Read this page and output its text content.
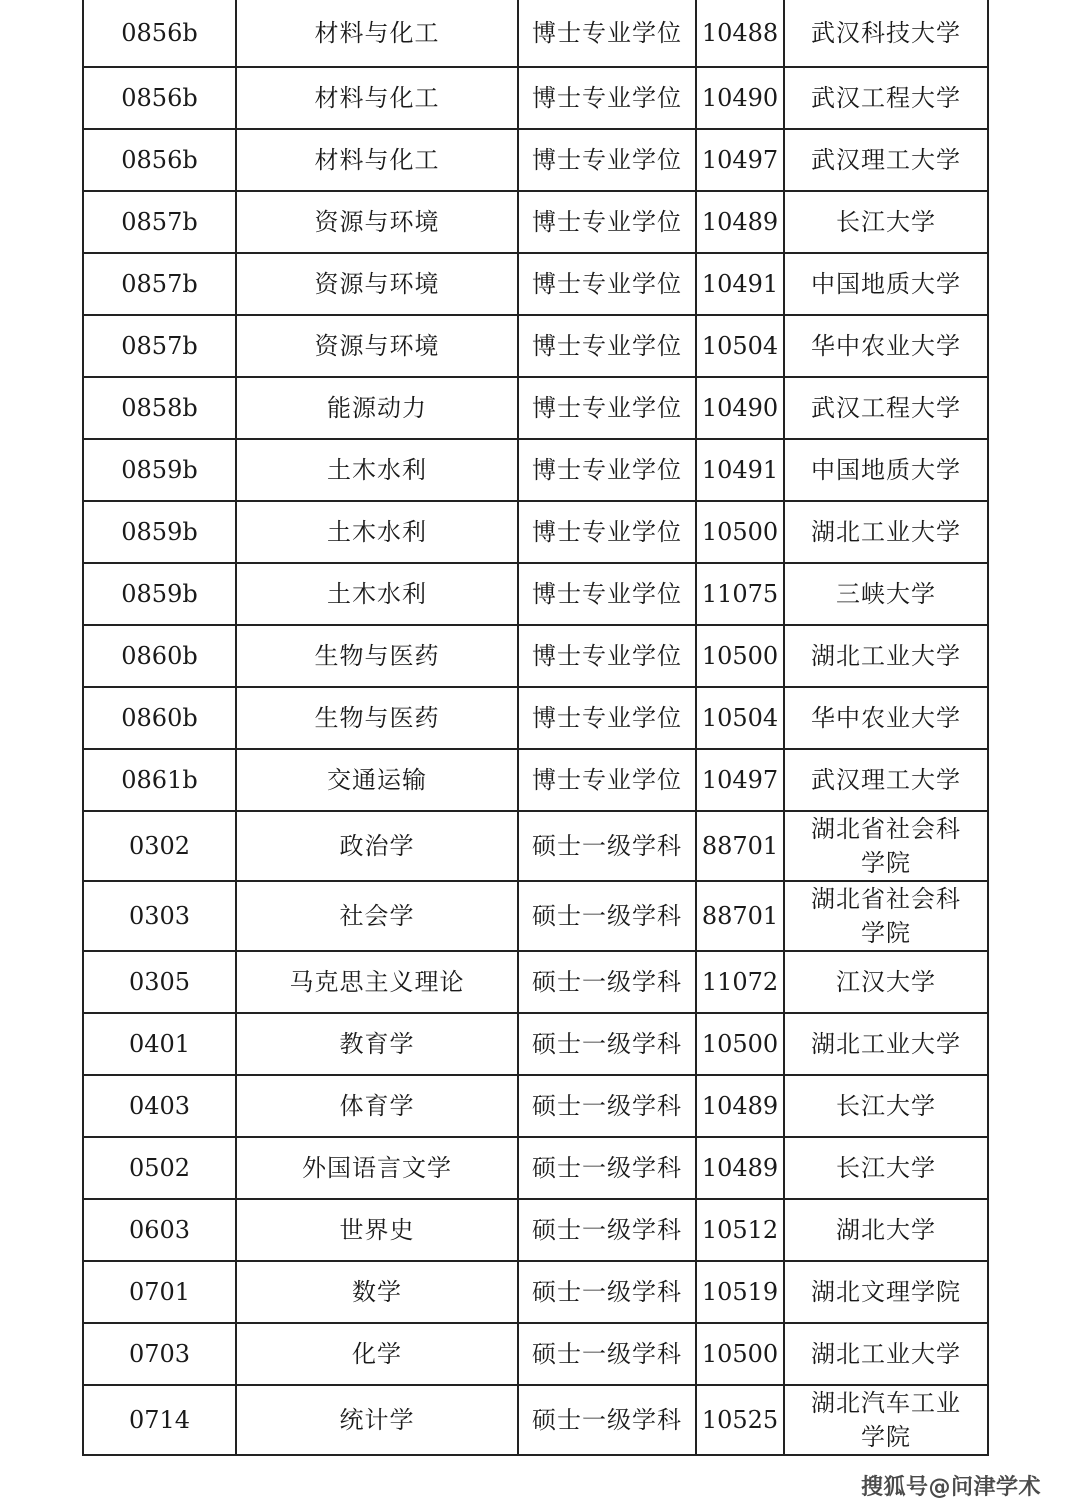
0856b	材料与化工	博士专业学位	10488	武汉科技大学
0856b	材料与化工	博士专业学位	10490	武汉工程大学
0856b	材料与化工	博士专业学位	10497	武汉理工大学
0857b	资源与环境	博士专业学位	10489	长江大学
0857b	资源与环境	博士专业学位	10491	中国地质大学
0857b	资源与环境	博士专业学位	10504	华中农业大学
0858b	能源动力	博士专业学位	10490	武汉工程大学
0859b	土木水利	博士专业学位	10491	中国地质大学
0859b	土木水利	博士专业学位	10500	湖北工业大学
0859b	土木水利	博士专业学位	11075	三峡大学
0860b	生物与医药	博士专业学位	10500	湖北工业大学
0860b	生物与医药	博士专业学位	10504	华中农业大学
0861b	交通运输	博士专业学位	10497	武汉理工大学
0302	政治学	硕士一级学科	88701	湖北省社会科学院
0303	社会学	硕士一级学科	88701	湖北省社会科学院
0305	马克思主义理论	硕士一级学科	11072	江汉大学
0401	教育学	硕士一级学科	10500	湖北工业大学
0403	体育学	硕士一级学科	10489	长江大学
0502	外国语言文学	硕士一级学科	10489	长江大学
0603	世界史	硕士一级学科	10512	湖北大学
0701	数学	硕士一级学科	10519	湖北文理学院
0703	化学	硕士一级学科	10500	湖北工业大学
0714	统计学	硕士一级学科	10525	湖北汽车工业学院
搜狐号@问津学术
